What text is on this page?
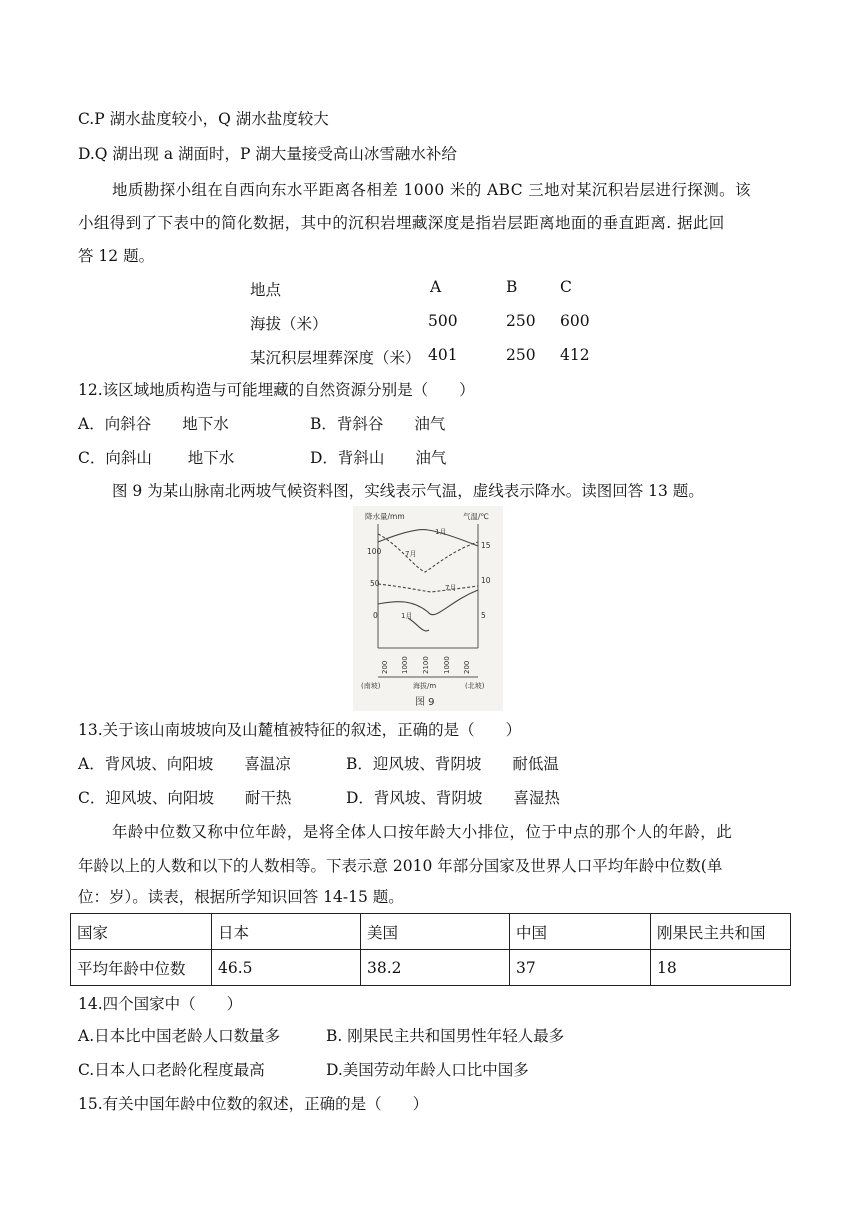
C.P 湖水盐度较小，Q 湖水盐度较大
D.Q 湖出现 a 湖面时，P 湖大量接受高山冰雪融水补给
地质勘探小组在自西向东水平距离各相差 1000 米的 ABC 三地对某沉积岩层进行探测。该
小组得到了下表中的简化数据，其中的沉积岩埋藏深度是指岩层距离地面的垂直距离. 据此回
答 12 题。
地点	A	B	C
海拔（米）	500	250 600
某沉积层埋葬深度（米） 401	250 412
12.该区域地质构造与可能埋藏的自然资源分别是（　　）
A．向斜谷　　地下水	B．背斜谷　　油气
C．向斜山　　 地下水	D．背斜山　　油气
图 9 为某山脉南北两坡气候资料图，实线表示气温，虚线表示降水。读图回答 13 题。
降水量/mm	气温/℃
100
50
0
15
10
5
1月
7月
7月
1月
200 1000 2100 1000 200
(南坡)	海拔/m	(北坡)
图 9
13.关于该山南坡坡向及山麓植被特征的叙述，正确的是（　　）
A．背风坡、向阳坡　　喜温凉	B．迎风坡、背阴坡　　耐低温
C．迎风坡、向阳坡　　耐干热	D．背风坡、背阴坡　　喜湿热
年龄中位数又称中位年龄，是将全体人口按年龄大小排位，位于中点的那个人的年龄，此
年龄以上的人数和以下的人数相等。下表示意 2010 年部分国家及世界人口平均年龄中位数(单
位：岁）。读表，根据所学知识回答 14-15 题。
国家	日本	美国	中国	刚果民主共和国
平均年龄中位数	46.5	38.2	37	18
14.四个国家中（　　）
A.日本比中国老龄人口数量多	B. 刚果民主共和国男性年轻人最多
C.日本人口老龄化程度最高	D.美国劳动年龄人口比中国多
15.有关中国年龄中位数的叙述，正确的是（　　）
